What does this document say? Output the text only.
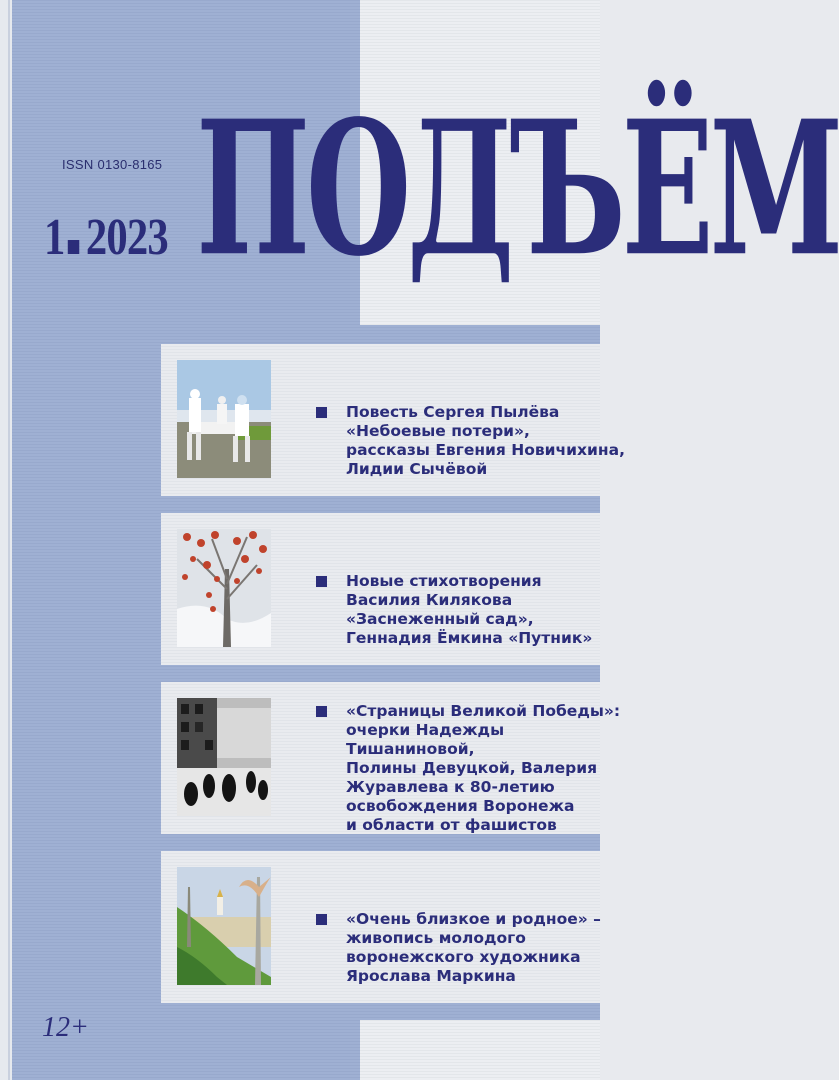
ISSN 0130-8165
1 2023 ПОДЪЁМ
Повесть Сергея Пылёва
«Небоевые потери»,
рассказы Евгения Новичихина,
Лидии Сычёвой
Новые стихотворения
Василия Килякова
«Заснеженный сад»,
Геннадия Ёмкина «Путник»
«Страницы Великой Победы»:
очерки Надежды Тишаниновой,
Полины Девуцкой, Валерия
Журавлева к 80-летию
освобождения Воронежа
и области от фашистов
«Очень близкое и родное» –
живопись молодого
воронежского художника
Ярослава Маркина
12+
